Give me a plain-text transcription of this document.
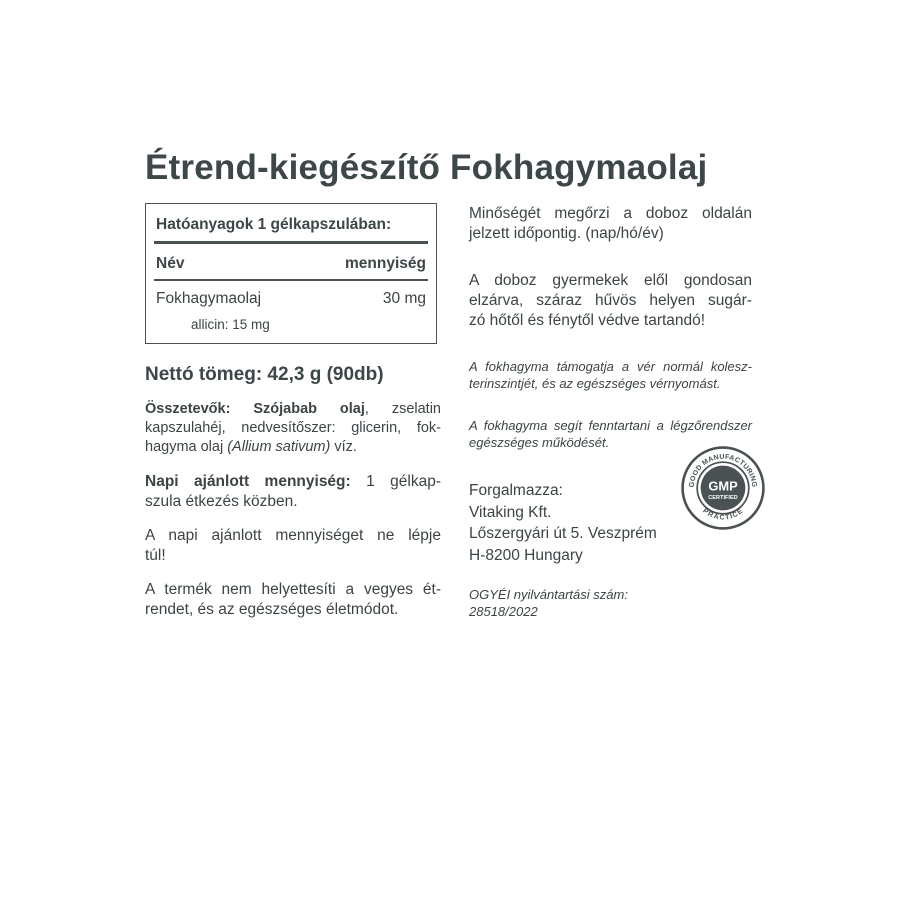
Étrend-kiegészítő Fokhagymaolaj
Hatóanyagok 1 gélkapszulában:
Név	mennyiség
Fokhagymaolaj	30 mg
allicin: 15 mg
Nettó tömeg: 42,3 g (90db)
Összetevők: Szójabab olaj, zselatin
kapszulahéj, nedvesítőszer: glicerin, fok-
hagyma olaj (Allium sativum) víz.
Napi ajánlott mennyiség: 1 gélkap-
szula étkezés közben.
A napi ajánlott mennyiséget ne lépje
túl!
A termék nem helyettesíti a vegyes ét-
rendet, és az egészséges életmódot.
Minőségét megőrzi a doboz oldalán
jelzett időpontig. (nap/hó/év)
A doboz gyermekek elől gondosan
elzárva, száraz hűvös helyen sugár-
zó hőtől és fénytől védve tartandó!
A fokhagyma támogatja a vér normál kolesz-
terinszintjét, és az egészséges vérnyomást.
A fokhagyma segít fenntartani a légzőrendszer
egészséges működését.
Forgalmazza:
Vitaking Kft.
Lőszergyári út 5. Veszprém
H-8200 Hungary
OGYÉI nyilvántartási szám:
28518/2022
GOOD MANUFACTURING
PRACTICE
GMP
CERTIFIED
